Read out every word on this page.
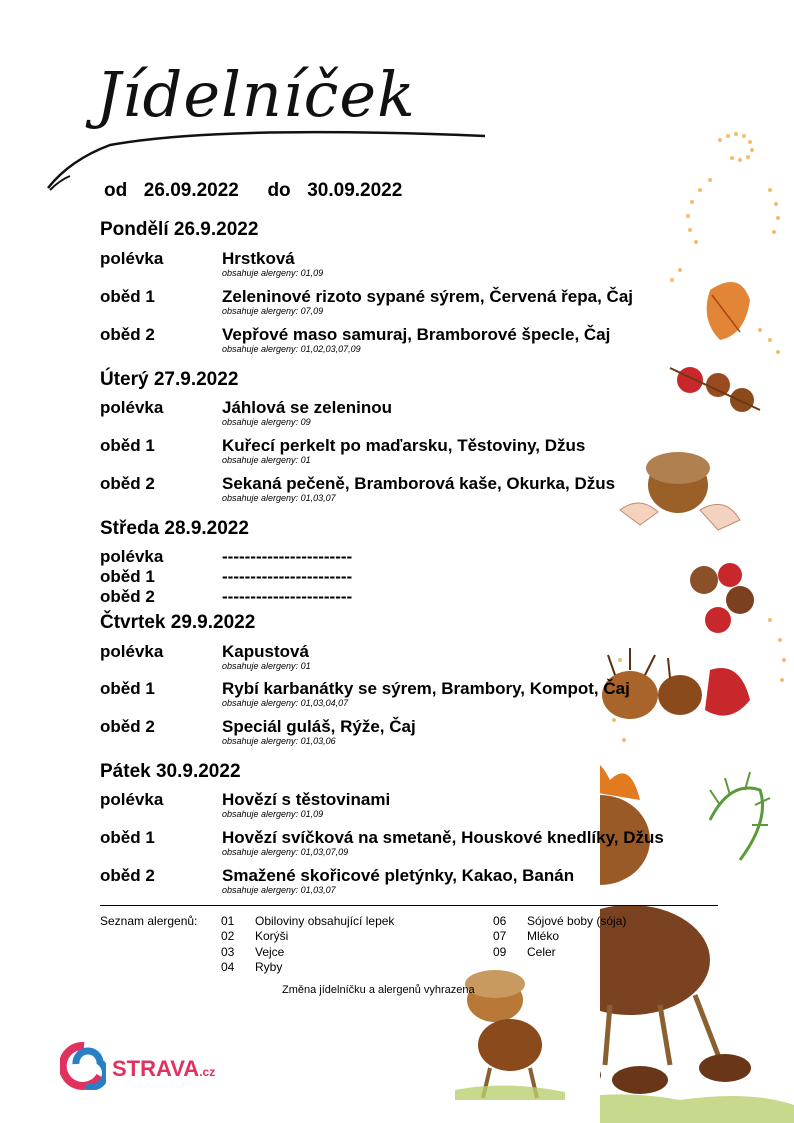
Jídelníček
od 26.09.2022 do 30.09.2022
Pondělí 26.9.2022
polévka	Hrstková
obsahuje alergeny: 01,09
oběd 1	Zeleninové rizoto sypané sýrem, Červená řepa, Čaj
obsahuje alergeny: 07,09
oběd 2	Vepřové maso samuraj, Bramborové špecle, Čaj
obsahuje alergeny: 01,02,03,07,09
Úterý 27.9.2022
polévka	Jáhlová se zeleninou
obsahuje alergeny: 09
oběd 1	Kuřecí perkelt po maďarsku, Těstoviny, Džus
obsahuje alergeny: 01
oběd 2	Sekaná pečeně, Bramborová kaše, Okurka, Džus
obsahuje alergeny: 01,03,07
Středa 28.9.2022
polévka	-----------------------
oběd 1	-----------------------
oběd 2	-----------------------
Čtvrtek 29.9.2022
polévka	Kapustová
obsahuje alergeny: 01
oběd 1	Rybí karbanátky se sýrem, Brambory, Kompot, Čaj
obsahuje alergeny: 01,03,04,07
oběd 2	Speciál guláš, Rýže, Čaj
obsahuje alergeny: 01,03,06
Pátek 30.9.2022
polévka	Hovězí s těstovinami
obsahuje alergeny: 01,09
oběd 1	Hovězí svíčková na smetaně, Houskové knedlíky, Džus
obsahuje alergeny: 01,03,07,09
oběd 2	Smažené skořicové pletýnky, Kakao, Banán
obsahuje alergeny: 01,03,07
Seznam alergenů: 01 Obiloviny obsahující lepek
02 Korýši
03 Vejce
04 Ryby
06 Sójové boby (sója)
07 Mléko
09 Celer
Změna jídelníčku a alergenů vyhrazena
STRAVA.cz
